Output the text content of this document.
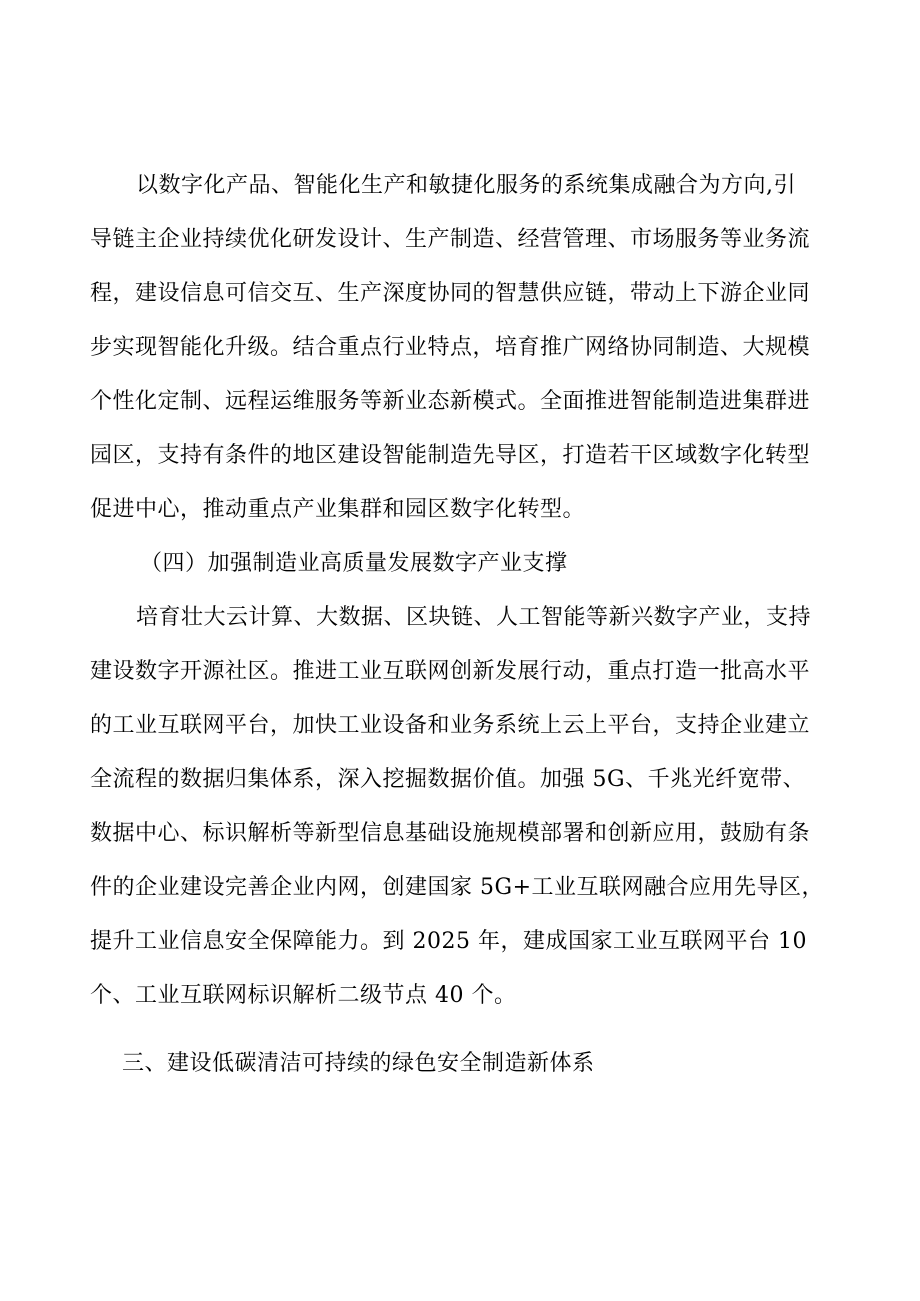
以数字化产品、智能化生产和敏捷化服务的系统集成融合为方向,引
导链主企业持续优化研发设计、生产制造、经营管理、市场服务等业务流
程，建设信息可信交互、生产深度协同的智慧供应链，带动上下游企业同
步实现智能化升级。结合重点行业特点，培育推广网络协同制造、大规模
个性化定制、远程运维服务等新业态新模式。全面推进智能制造进集群进
园区，支持有条件的地区建设智能制造先导区，打造若干区域数字化转型
促进中心，推动重点产业集群和园区数字化转型。
（四）加强制造业高质量发展数字产业支撑
培育壮大云计算、大数据、区块链、人工智能等新兴数字产业，支持
建设数字开源社区。推进工业互联网创新发展行动，重点打造一批高水平
的工业互联网平台，加快工业设备和业务系统上云上平台，支持企业建立
全流程的数据归集体系，深入挖掘数据价值。加强 5G、千兆光纤宽带、
数据中心、标识解析等新型信息基础设施规模部署和创新应用，鼓励有条
件的企业建设完善企业内网，创建国家 5G+工业互联网融合应用先导区，
提升工业信息安全保障能力。到 2025 年，建成国家工业互联网平台 10
个、工业互联网标识解析二级节点 40 个。
三、建设低碳清洁可持续的绿色安全制造新体系
